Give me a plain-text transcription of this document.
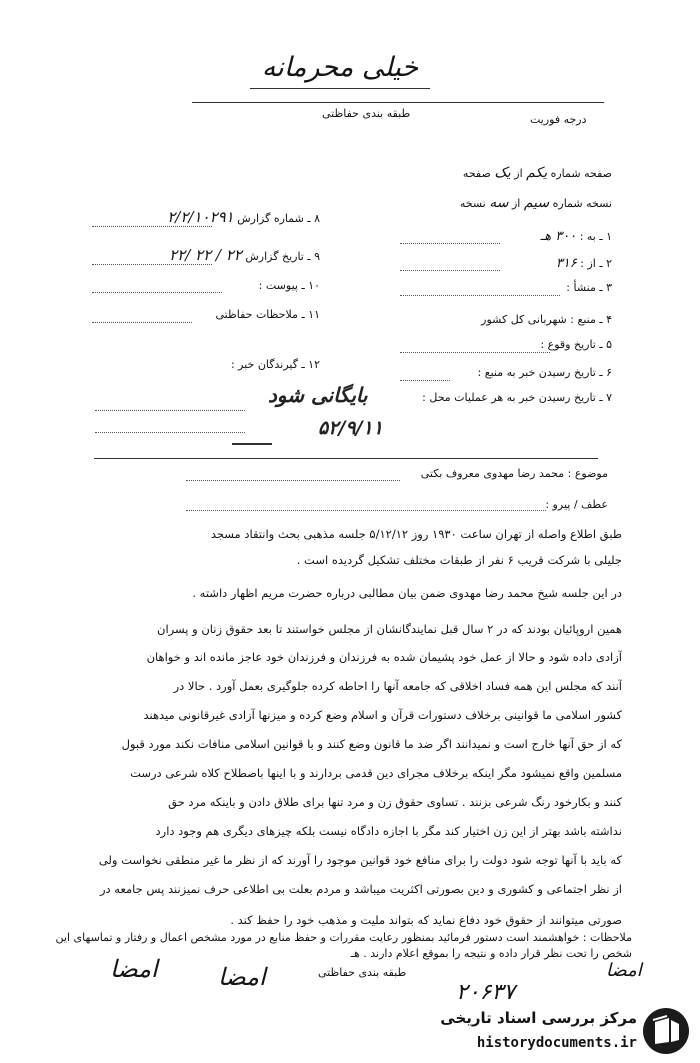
خیلی محرمانه
طبقه بندی حفاظتی	درجه فوریت
صفحه شماره یکم از یک صفحه
نسخه شماره سیم از سه نسخه
۸ ـ شماره گزارش ۲/۲/۱۰۲۹۱
۹ ـ تاریخ گزارش ۲۲ / ۲۲ /۲۲
۱۰ ـ پیوست :
۱۱ ـ ملاحظات حفاظتی
۱۲ ـ گیرندگان خبر :
۱ ـ به : ۳۰۰ هـ
۲ ـ از : ۳۱۶
۳ ـ منشأ :
۴ ـ منبع : شهربانی کل کشور
۵ ـ تاریخ وقوع :
۶ ـ تاریخ رسیدن خبر به منبع :
۷ ـ تاریخ رسیدن خبر به هر عملیات محل :
بایگانی شود
۵۲/۹/۱۱
موضوع : محمد رضا مهدوی معروف بکتی
عطف / پیرو :
طبق اطلاع واصله از تهران ساعت ۱۹۳۰ روز ۵/۱۲/۱۲ جلسه مذهبی بحث وانتقاد مسجد
جلیلی با شرکت قریب ۶ نفر از طبقات مختلف تشکیل گردیده است .
در این جلسه شیخ محمد رضا مهدوی ضمن بیان مطالبی درباره حضرت مریم اظهار داشته .
همین اروپائیان بودند که در ۲ سال قبل نمایندگانشان از مجلس خواستند تا بعد حقوق زنان و پسران
آزادی داده شود و حالا از عمل خود پشیمان شده به فرزندان و فرزندان خود عاجز مانده اند و خواهان
آنند که مجلس این همه فساد اخلاقی که جامعه آنها را احاطه کرده جلوگیری بعمل آورد . حالا در
کشور اسلامی ما قوانینی برخلاف دستورات قرآن و اسلام وضع کرده و میزنها آزادی غیرقانونی میدهند
که از حق آنها خارج است و نمیدانند اگر ضد ما قانون وضع کنند و با قوانین اسلامی منافات نکند مورد قبول
مسلمین واقع نمیشود مگر اینکه برخلاف مجرای دین قدمی بردارند و با اینها باصطلاح کلاه شرعی درست
کنند و بکارخود رنگ شرعی بزنند . تساوی حقوق زن و مرد تنها برای طلاق دادن و باینکه مرد حق
نداشته باشد بهتر از این زن اختیار کند مگر با اجازه دادگاه نیست بلکه چیزهای دیگری هم وجود دارد
که باید با آنها توجه شود دولت را برای منافع خود قوانین موجود را آورند که از نظر ما غیر منطقی نخواست ولی
از نظر اجتماعی و کشوری و دین بصورتی اکثریت میباشد و مردم بعلت بی اطلاعی حرف نمیزنند پس جامعه در
صورتی میتوانند از حقوق خود دفاع نماید که بتواند ملیت و مذهب خود را حفظ کند .
ملاحظات : خواهشمند است دستور فرمائید بمنظور رعایت مقررات و حفظ منابع در مورد مشخص اعمال و رفتار و تماسهای این شخص را تحت نظر قرار داده و نتیجه را بموقع اعلام دارند . هـ
امضا	امضا	امضا
طبقه بندی حفاظتی
۲۰۶۳۷
مرکز بررسی اسناد تاریخی
historydocuments.ir
